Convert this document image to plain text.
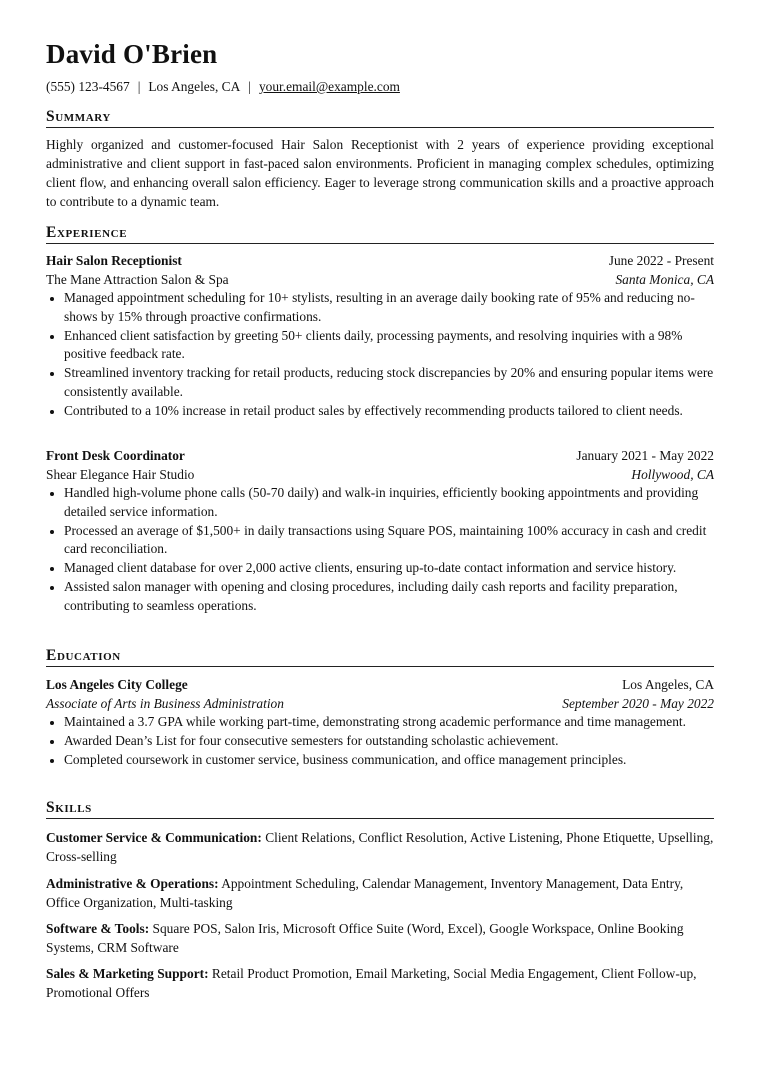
David O'Brien
(555) 123-4567 | Los Angeles, CA | your.email@example.com
Summary
Highly organized and customer-focused Hair Salon Receptionist with 2 years of experience providing exceptional administrative and client support in fast-paced salon environments. Proficient in managing complex schedules, optimizing client flow, and enhancing overall salon efficiency. Eager to leverage strong communication skills and a proactive approach to contribute to a dynamic team.
Experience
Hair Salon Receptionist	June 2022 - Present
The Mane Attraction Salon & Spa	Santa Monica, CA
Managed appointment scheduling for 10+ stylists, resulting in an average daily booking rate of 95% and reducing no-shows by 15% through proactive confirmations.
Enhanced client satisfaction by greeting 50+ clients daily, processing payments, and resolving inquiries with a 98% positive feedback rate.
Streamlined inventory tracking for retail products, reducing stock discrepancies by 20% and ensuring popular items were consistently available.
Contributed to a 10% increase in retail product sales by effectively recommending products tailored to client needs.
Front Desk Coordinator	January 2021 - May 2022
Shear Elegance Hair Studio	Hollywood, CA
Handled high-volume phone calls (50-70 daily) and walk-in inquiries, efficiently booking appointments and providing detailed service information.
Processed an average of $1,500+ in daily transactions using Square POS, maintaining 100% accuracy in cash and credit card reconciliation.
Managed client database for over 2,000 active clients, ensuring up-to-date contact information and service history.
Assisted salon manager with opening and closing procedures, including daily cash reports and facility preparation, contributing to seamless operations.
Education
Los Angeles City College	Los Angeles, CA
Associate of Arts in Business Administration	September 2020 - May 2022
Maintained a 3.7 GPA while working part-time, demonstrating strong academic performance and time management.
Awarded Dean’s List for four consecutive semesters for outstanding scholastic achievement.
Completed coursework in customer service, business communication, and office management principles.
Skills
Customer Service & Communication: Client Relations, Conflict Resolution, Active Listening, Phone Etiquette, Upselling, Cross-selling
Administrative & Operations: Appointment Scheduling, Calendar Management, Inventory Management, Data Entry, Office Organization, Multi-tasking
Software & Tools: Square POS, Salon Iris, Microsoft Office Suite (Word, Excel), Google Workspace, Online Booking Systems, CRM Software
Sales & Marketing Support: Retail Product Promotion, Email Marketing, Social Media Engagement, Client Follow-up, Promotional Offers
